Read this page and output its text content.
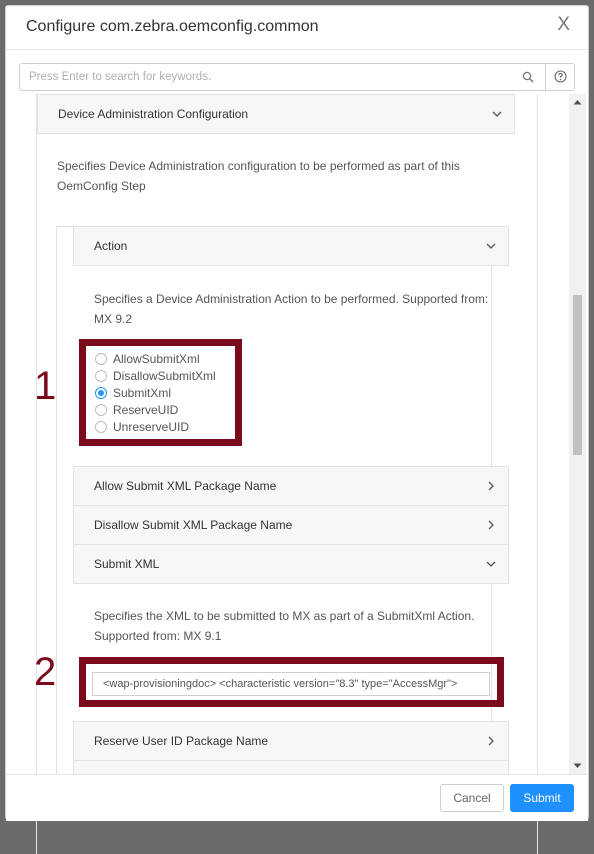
Configure com.zebra.oemconfig.common	X
Press Enter to search for keywords.
Device Administration Configuration
Specifies Device Administration configuration to be performed as part of this OemConfig Step
Action
Specifies a Device Administration Action to be performed. Supported from: MX 9.2
AllowSubmitXml
DisallowSubmitXml
SubmitXml
ReserveUID
UnreserveUID
Allow Submit XML Package Name
Disallow Submit XML Package Name
Submit XML
Specifies the XML to be submitted to MX as part of a SubmitXml Action. Supported from: MX 9.1
<wap-provisioningdoc> <characteristic version="8.3" type="AccessMgr">
Reserve User ID Package Name
Cancel	Submit
1
2
